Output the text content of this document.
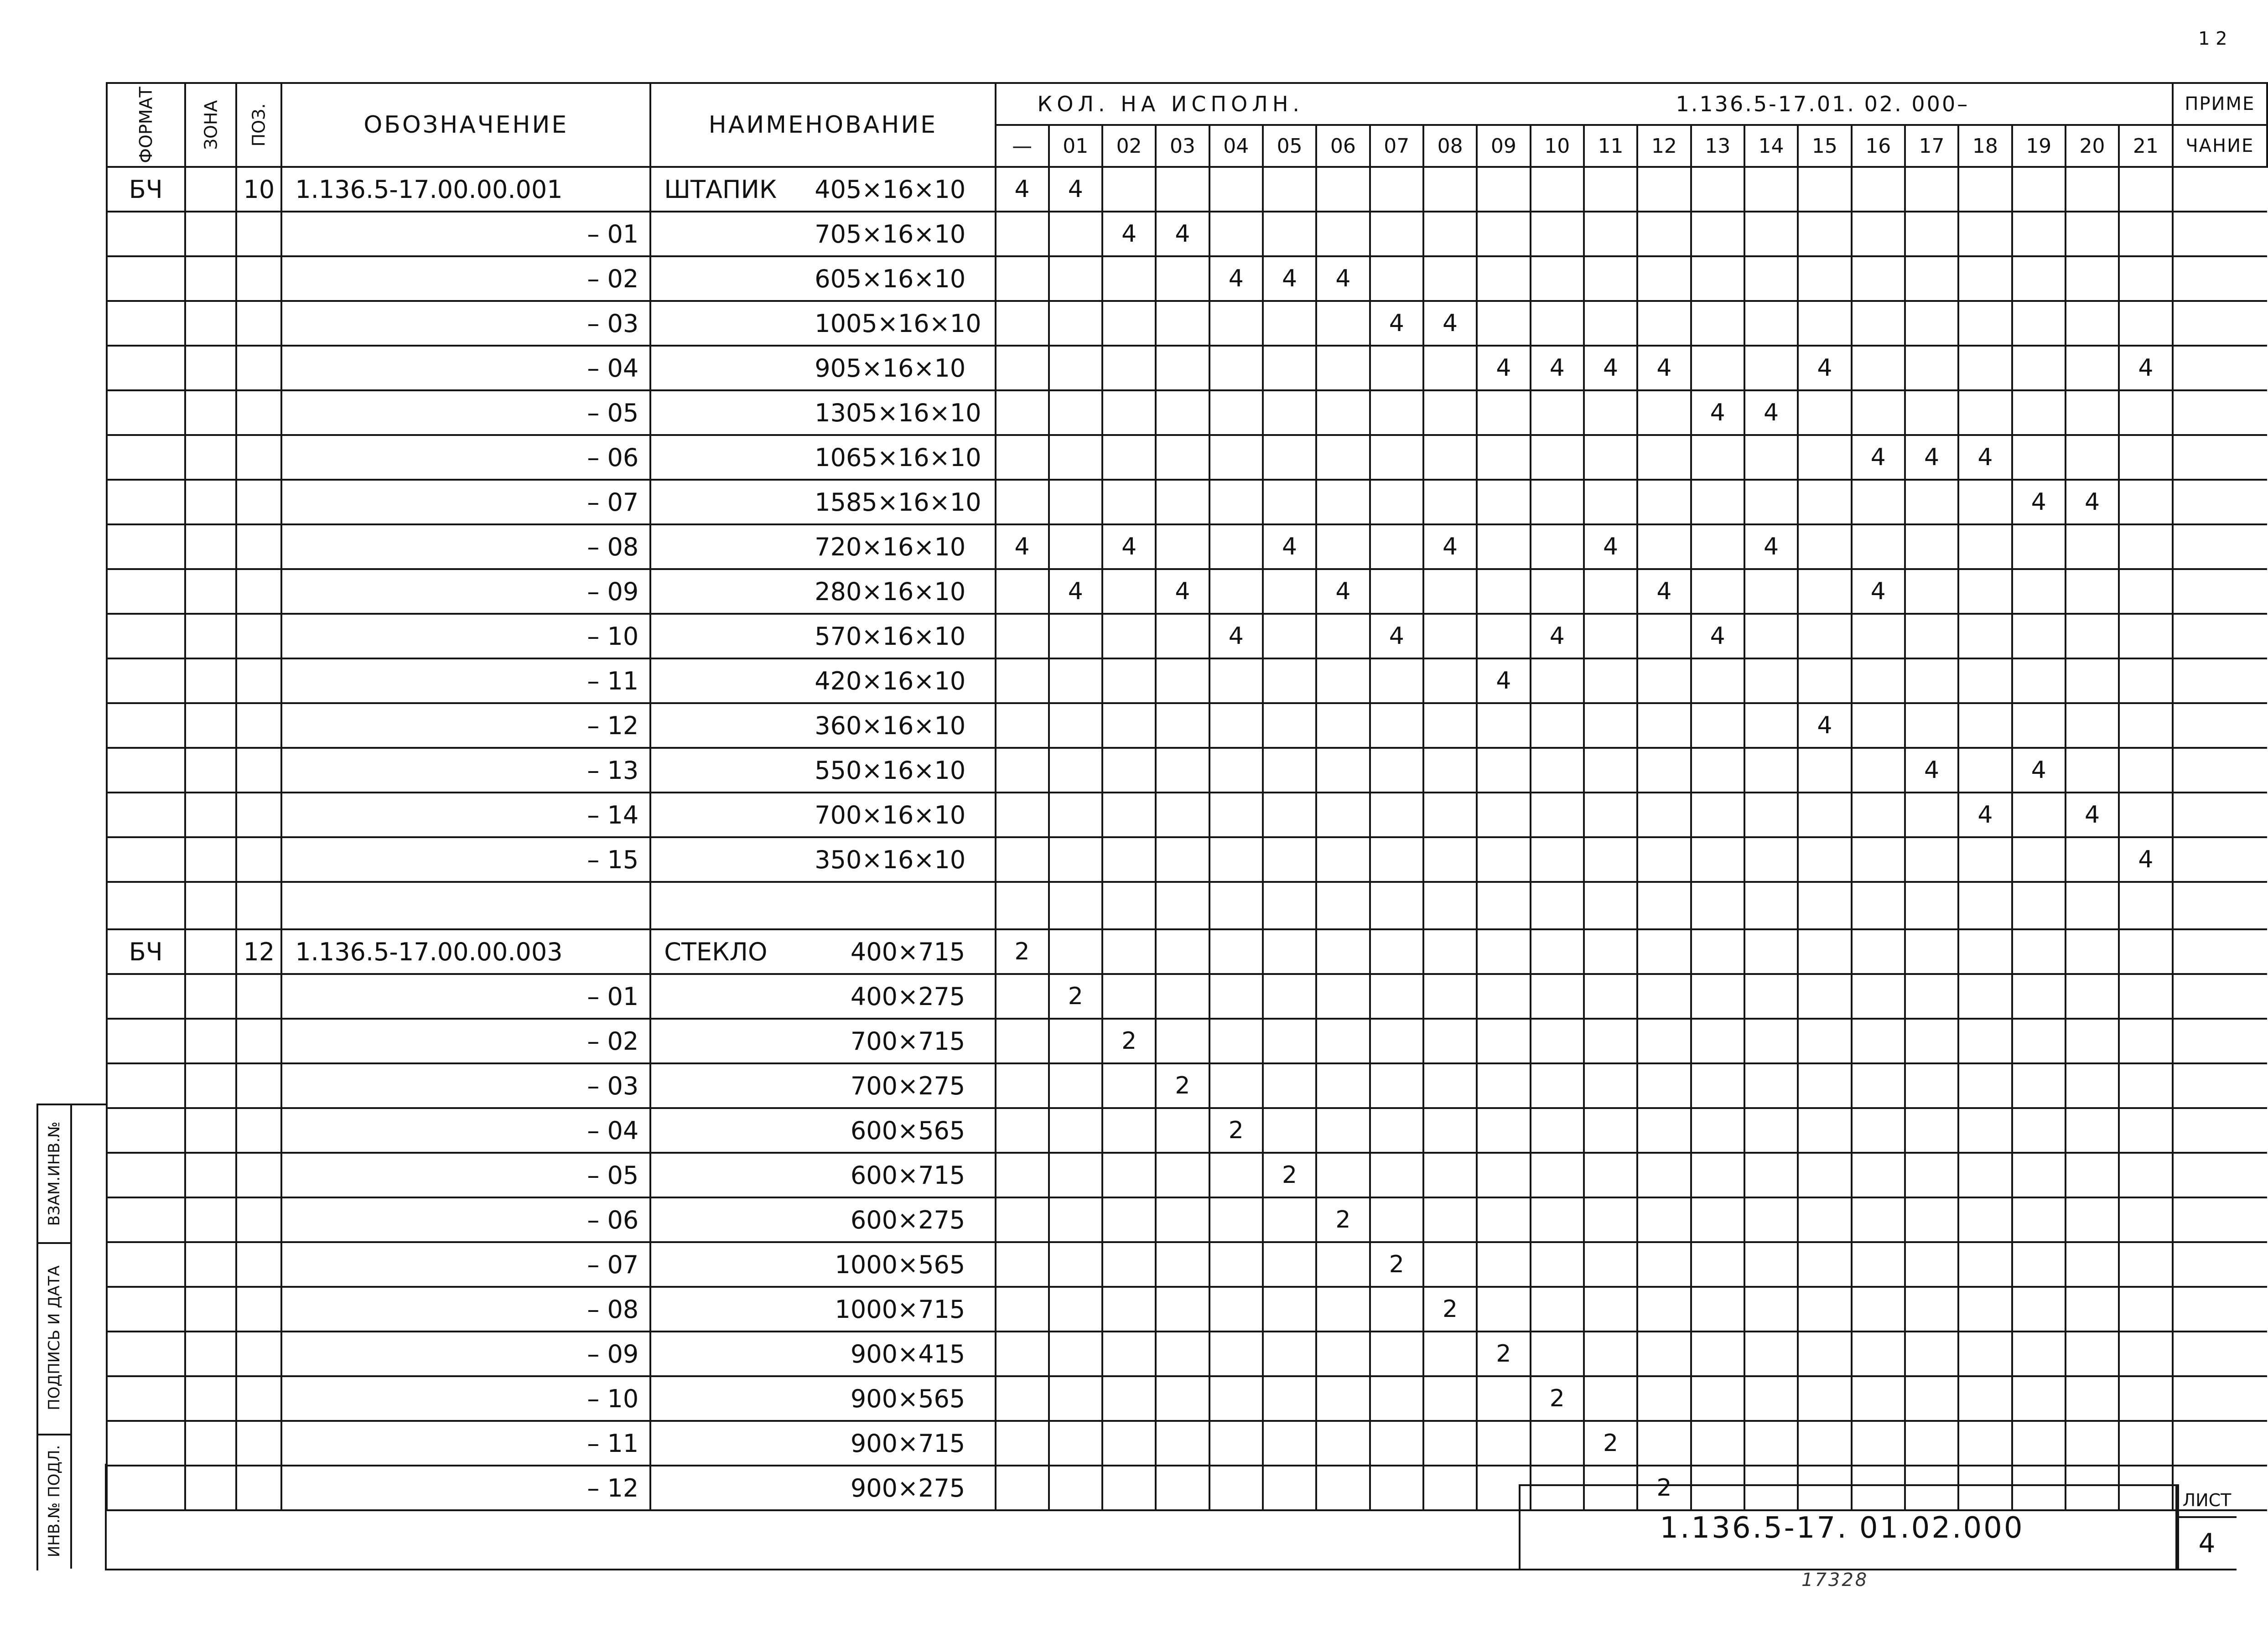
1 2
ФОРМАТ	ЗОНА	ПОЗ.	ОБОЗНАЧЕНИЕ	НАИМЕНОВАНИЕ	КОЛ. НА ИСПОЛН. 1.136.5-17.01. 02. 000–																						ПРИМЕ
					—	01	02	03	04	05	06	07	08	09	10	11	12	13	14	15	16	17	18	19	20	21	ЧАНИЕ
БЧ		10	1.136.5-17.00.00.001	ШТАПИК 405×16×10	4	4																					
			– 01	705×16×10			4	4																			
			– 02	605×16×10					4	4	4																
			– 03	1005×16×10								4	4														
			– 04	905×16×10										4	4	4	4			4						4	
			– 05	1305×16×10														4	4								
			– 06	1065×16×10																	4	4	4				
			– 07	1585×16×10																				4	4		
			– 08	720×16×10	4		4			4			4			4			4								
			– 09	280×16×10		4		4			4						4				4						
			– 10	570×16×10					4			4			4			4									
			– 11	420×16×10										4													
			– 12	360×16×10																4							
			– 13	550×16×10																		4		4			
			– 14	700×16×10																			4		4		
			– 15	350×16×10																						4	

БЧ		12	1.136.5-17.00.00.003	СТЕКЛО 400×715	2																						
			– 01	400×275		2																					
			– 02	700×715			2																				
			– 03	700×275				2																			
			– 04	600×565					2																		
			– 05	600×715						2																	
			– 06	600×275							2																
			– 07	1000×565								2															
			– 08	1000×715									2														
			– 09	900×415										2													
			– 10	900×565											2												
			– 11	900×715												2											
			– 12	900×275													2										
ВЗАМ.ИНВ.№
ПОДПИСЬ И ДАТА
ИНВ.№ ПОДЛ.	1.136.5-17. 01.02.000
ЛИСТ
4
17328
